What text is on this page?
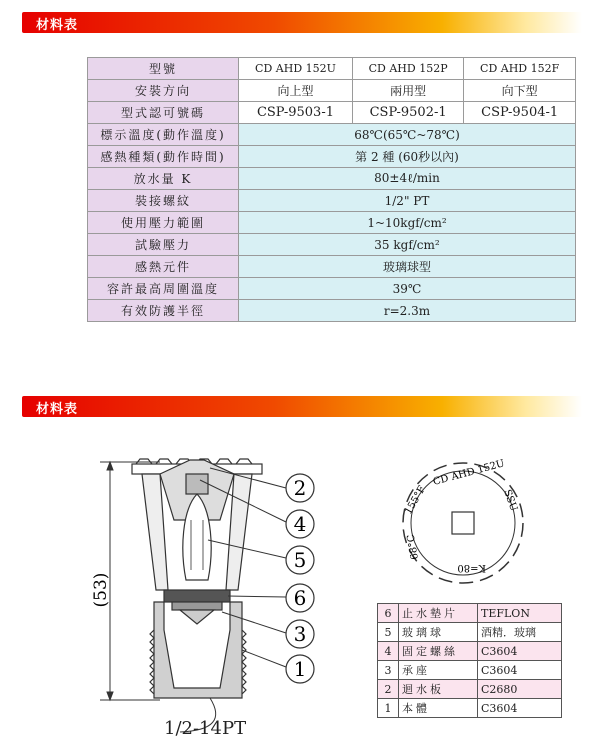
材料表
型號	CD AHD 152U	CD AHD 152P	CD AHD 152F
安裝方向	向上型	兩用型	向下型
型式認可號碼	CSP-9503-1	CSP-9502-1	CSP-9504-1
標示溫度(動作溫度)	68℃(65℃~78℃)		
感熱種類(動作時間)	第 2 種 (60秒以內)		
放水量 K	80±4ℓ/min		
裝接螺紋	1/2" PT		
使用壓力範圍	1~10kgf/cm²		
試驗壓力	35 kgf/cm²		
感熱元件	玻璃球型		
容許最高周圍溫度	39℃		
有效防護半徑	r=2.3m		
材料表
(53)
2
4
5
6
3
1
1/2-14PT
155°F
CD AHD 152U
SSU
68°C
K=80
6	止水墊片	TEFLON
5	玻璃球	酒精．玻璃
4	固定螺絲	C3604
3	承座	C3604
2	迴水板	C2680
1	本體	C3604
